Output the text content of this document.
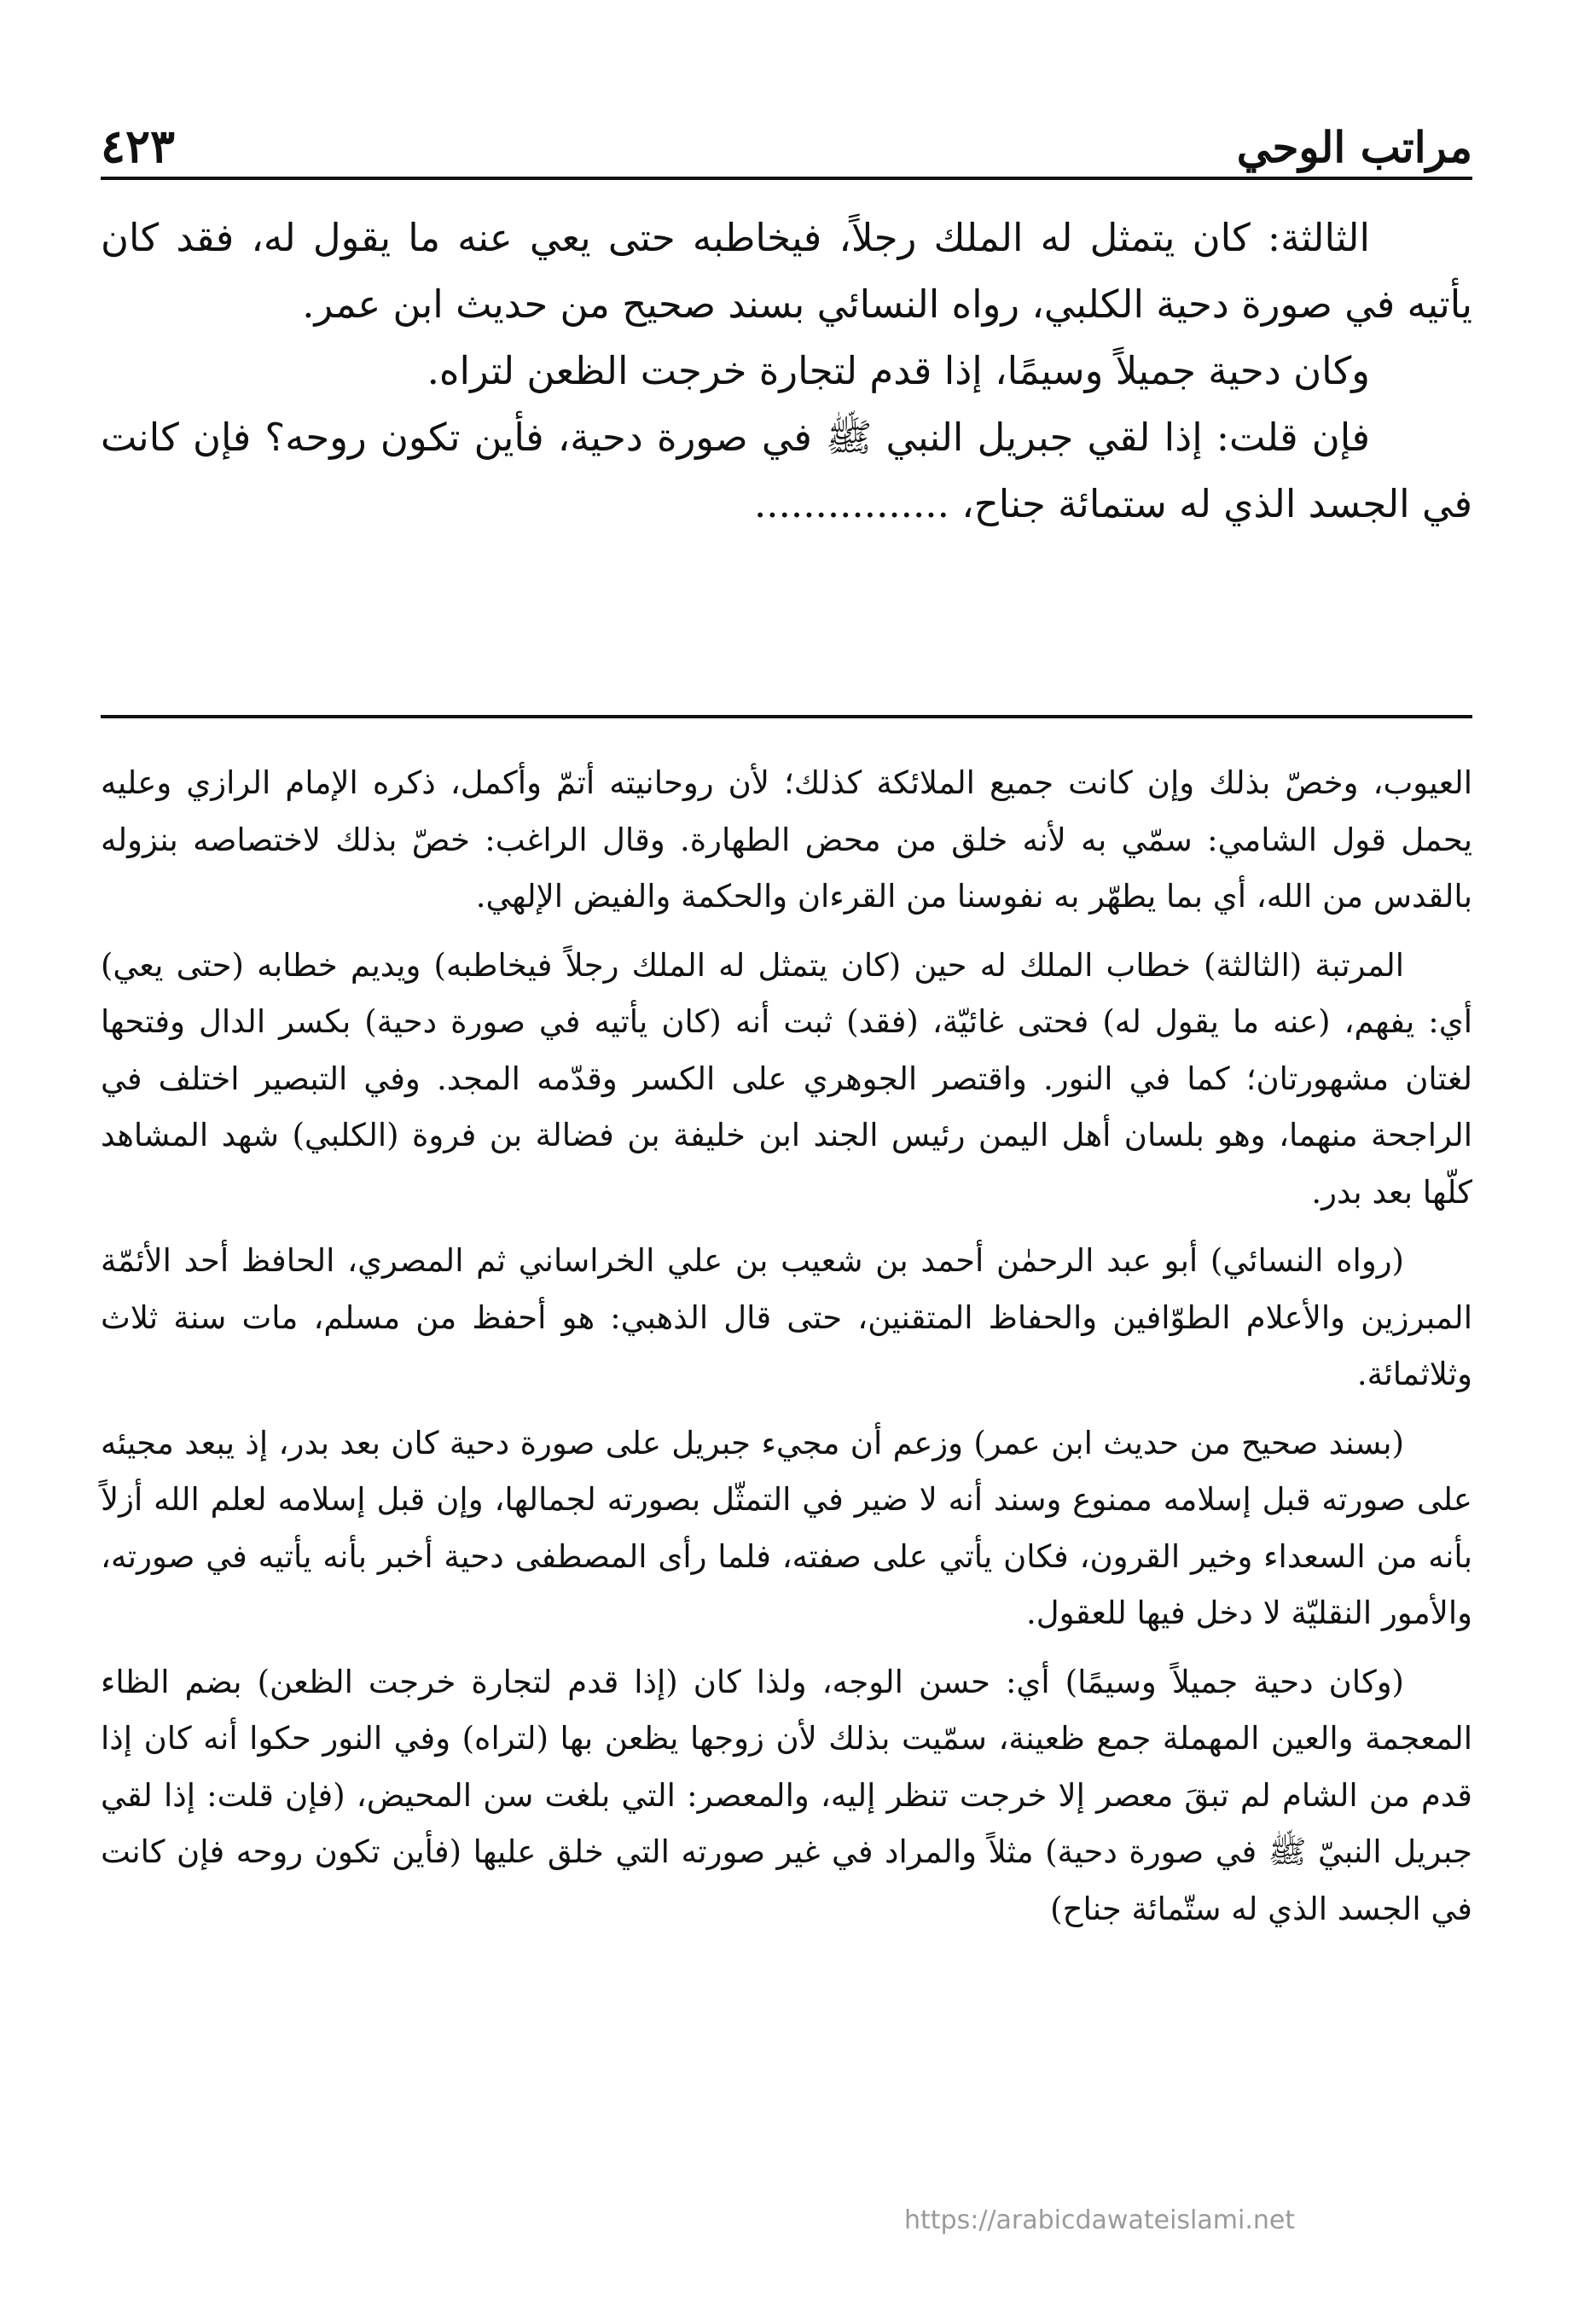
مراتب الوحي
٤٢٣

الثالثة: كان يتمثل له الملك رجلاً، فيخاطبه حتى يعي عنه ما يقول له، فقد كان يأتيه في صورة دحية الكلبي، رواه النسائي بسند صحيح من حديث ابن عمر.

وكان دحية جميلاً وسيمًا، إذا قدم لتجارة خرجت الظعن لتراه.

فإن قلت: إذا لقي جبريل النبي ﷺ في صورة دحية، فأين تكون روحه؟ فإن كانت في الجسد الذي له ستمائة جناح، ................

العيوب، وخصّ بذلك وإن كانت جميع الملائكة كذلك؛ لأن روحانيته أتمّ وأكمل، ذكره الإمام الرازي وعليه يحمل قول الشامي: سمّي به لأنه خلق من محض الطهارة. وقال الراغب: خصّ بذلك لاختصاصه بنزوله بالقدس من الله، أي بما يطهّر به نفوسنا من القرءان والحكمة والفيض الإلهي.

المرتبة (الثالثة) خطاب الملك له حين (كان يتمثل له الملك رجلاً فيخاطبه) ويديم خطابه (حتى يعي) أي: يفهم، (عنه ما يقول له) فحتى غائيّة، (فقد) ثبت أنه (كان يأتيه في صورة دحية) بكسر الدال وفتحها لغتان مشهورتان؛ كما في النور. واقتصر الجوهري على الكسر وقدّمه المجد. وفي التبصير اختلف في الراجحة منهما، وهو بلسان أهل اليمن رئيس الجند ابن خليفة بن فضالة بن فروة (الكلبي) شهد المشاهد كلّها بعد بدر.

(رواه النسائي) أبو عبد الرحمٰن أحمد بن شعيب بن علي الخراساني ثم المصري، الحافظ أحد الأئمّة المبرزين والأعلام الطوّافين والحفاظ المتقنين، حتى قال الذهبي: هو أحفظ من مسلم، مات سنة ثلاث وثلاثمائة.

(بسند صحيح من حديث ابن عمر) وزعم أن مجيء جبريل على صورة دحية كان بعد بدر، إذ يبعد مجيئه على صورته قبل إسلامه ممنوع وسند أنه لا ضير في التمثّل بصورته لجمالها، وإن قبل إسلامه لعلم الله أزلاً بأنه من السعداء وخير القرون، فكان يأتي على صفته، فلما رأى المصطفى دحية أخبر بأنه يأتيه في صورته، والأمور النقليّة لا دخل فيها للعقول.

(وكان دحية جميلاً وسيمًا) أي: حسن الوجه، ولذا كان (إذا قدم لتجارة خرجت الظعن) بضم الظاء المعجمة والعين المهملة جمع ظعينة، سمّيت بذلك لأن زوجها يظعن بها (لتراه) وفي النور حكوا أنه كان إذا قدم من الشام لم تبقَ معصر إلا خرجت تنظر إليه، والمعصر: التي بلغت سن المحيض، (فإن قلت: إذا لقي جبريل النبيّ ﷺ في صورة دحية) مثلاً والمراد في غير صورته التي خلق عليها (فأين تكون روحه فإن كانت في الجسد الذي له ستّمائة جناح)

https://arabicdawateislami.net
